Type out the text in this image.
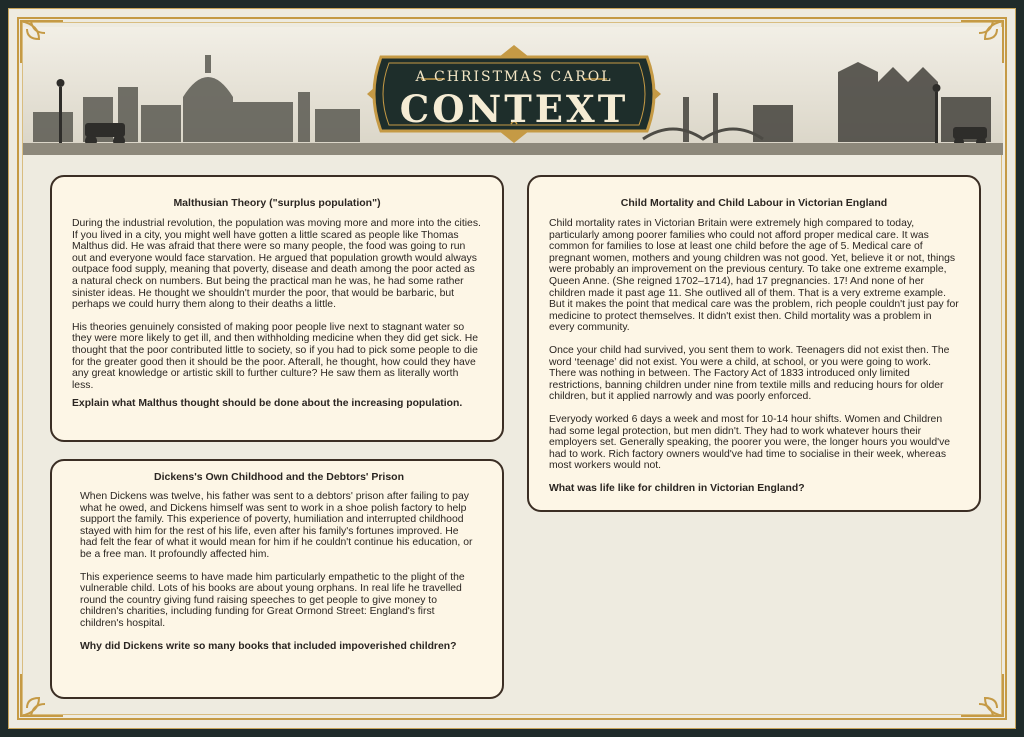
A CHRISTMAS CAROL
CONTEXT
Malthusian Theory ("surplus population")

During the industrial revolution, the population was moving more and more into the cities. If you lived in a city, you might well have gotten a little scared as people like Thomas Malthus did. He was afraid that there were so many people, the food was going to run out and everyone would face starvation. He argued that population growth would always outpace food supply, meaning that poverty, disease and death among the poor acted as a natural check on numbers. But being the practical man he was, he had some rather sinister ideas. He thought we shouldn't murder the poor, that would be barbaric, but perhaps we could hurry them along to their deaths a little.

His theories genuinely consisted of making poor people live next to stagnant water so they were more likely to get ill, and then withholding medicine when they did get sick. He thought that the poor contributed little to society, so if you had to pick some people to die for the greater good then it should be the poor. Afterall, he thought, how could they have any great knowledge or artistic skill to further culture? He saw them as literally worth less.

Explain what Malthus thought should be done about the increasing population.

Dickens's Own Childhood and the Debtors' Prison

When Dickens was twelve, his father was sent to a debtors' prison after failing to pay what he owed, and Dickens himself was sent to work in a shoe polish factory to help support the family. This experience of poverty, humiliation and interrupted childhood stayed with him for the rest of his life, even after his family's fortunes improved. He had felt the fear of what it would mean for him if he couldn't continue his education, or be a free man. It profoundly affected him.

This experience seems to have made him particularly empathetic to the plight of the vulnerable child. Lots of his books are about young orphans. In real life he travelled round the country giving fund raising speeches to get people to give money to children's charities, including funding for Great Ormond Street: England's first children's hospital.

Why did Dickens write so many books that included impoverished children?

Child Mortality and Child Labour in Victorian England

Child mortality rates in Victorian Britain were extremely high compared to today, particularly among poorer families who could not afford proper medical care. It was common for families to lose at least one child before the age of 5. Medical care of pregnant women, mothers and young children was not good. Yet, believe it or not, things were probably an improvement on the previous century. To take one extreme example, Queen Anne. (She reigned 1702–1714), had 17 pregnancies. 17! And none of her children made it past age 11. She outlived all of them. That is a very extreme example. But it makes the point that medical care was the problem, rich people couldn't just pay for medicine to protect themselves. It didn't exist then. Child mortality was a problem in every community.

Once your child had survived, you sent them to work. Teenagers did not exist then. The word ‘teenage’ did not exist. You were a child, at school, or you were going to work. There was nothing in between. The Factory Act of 1833 introduced only limited restrictions, banning children under nine from textile mills and reducing hours for older children, but it applied narrowly and was poorly enforced.

Everyody worked 6 days a week and most for 10-14 hour shifts. Women and Children had some legal protection, but men didn't. They had to work whatever hours their employers set. Generally speaking, the poorer you were, the longer hours you would've had to work. Rich factory owners would've had time to socialise in their week, whereas most workers would not.

What was life like for children in Victorian England?
